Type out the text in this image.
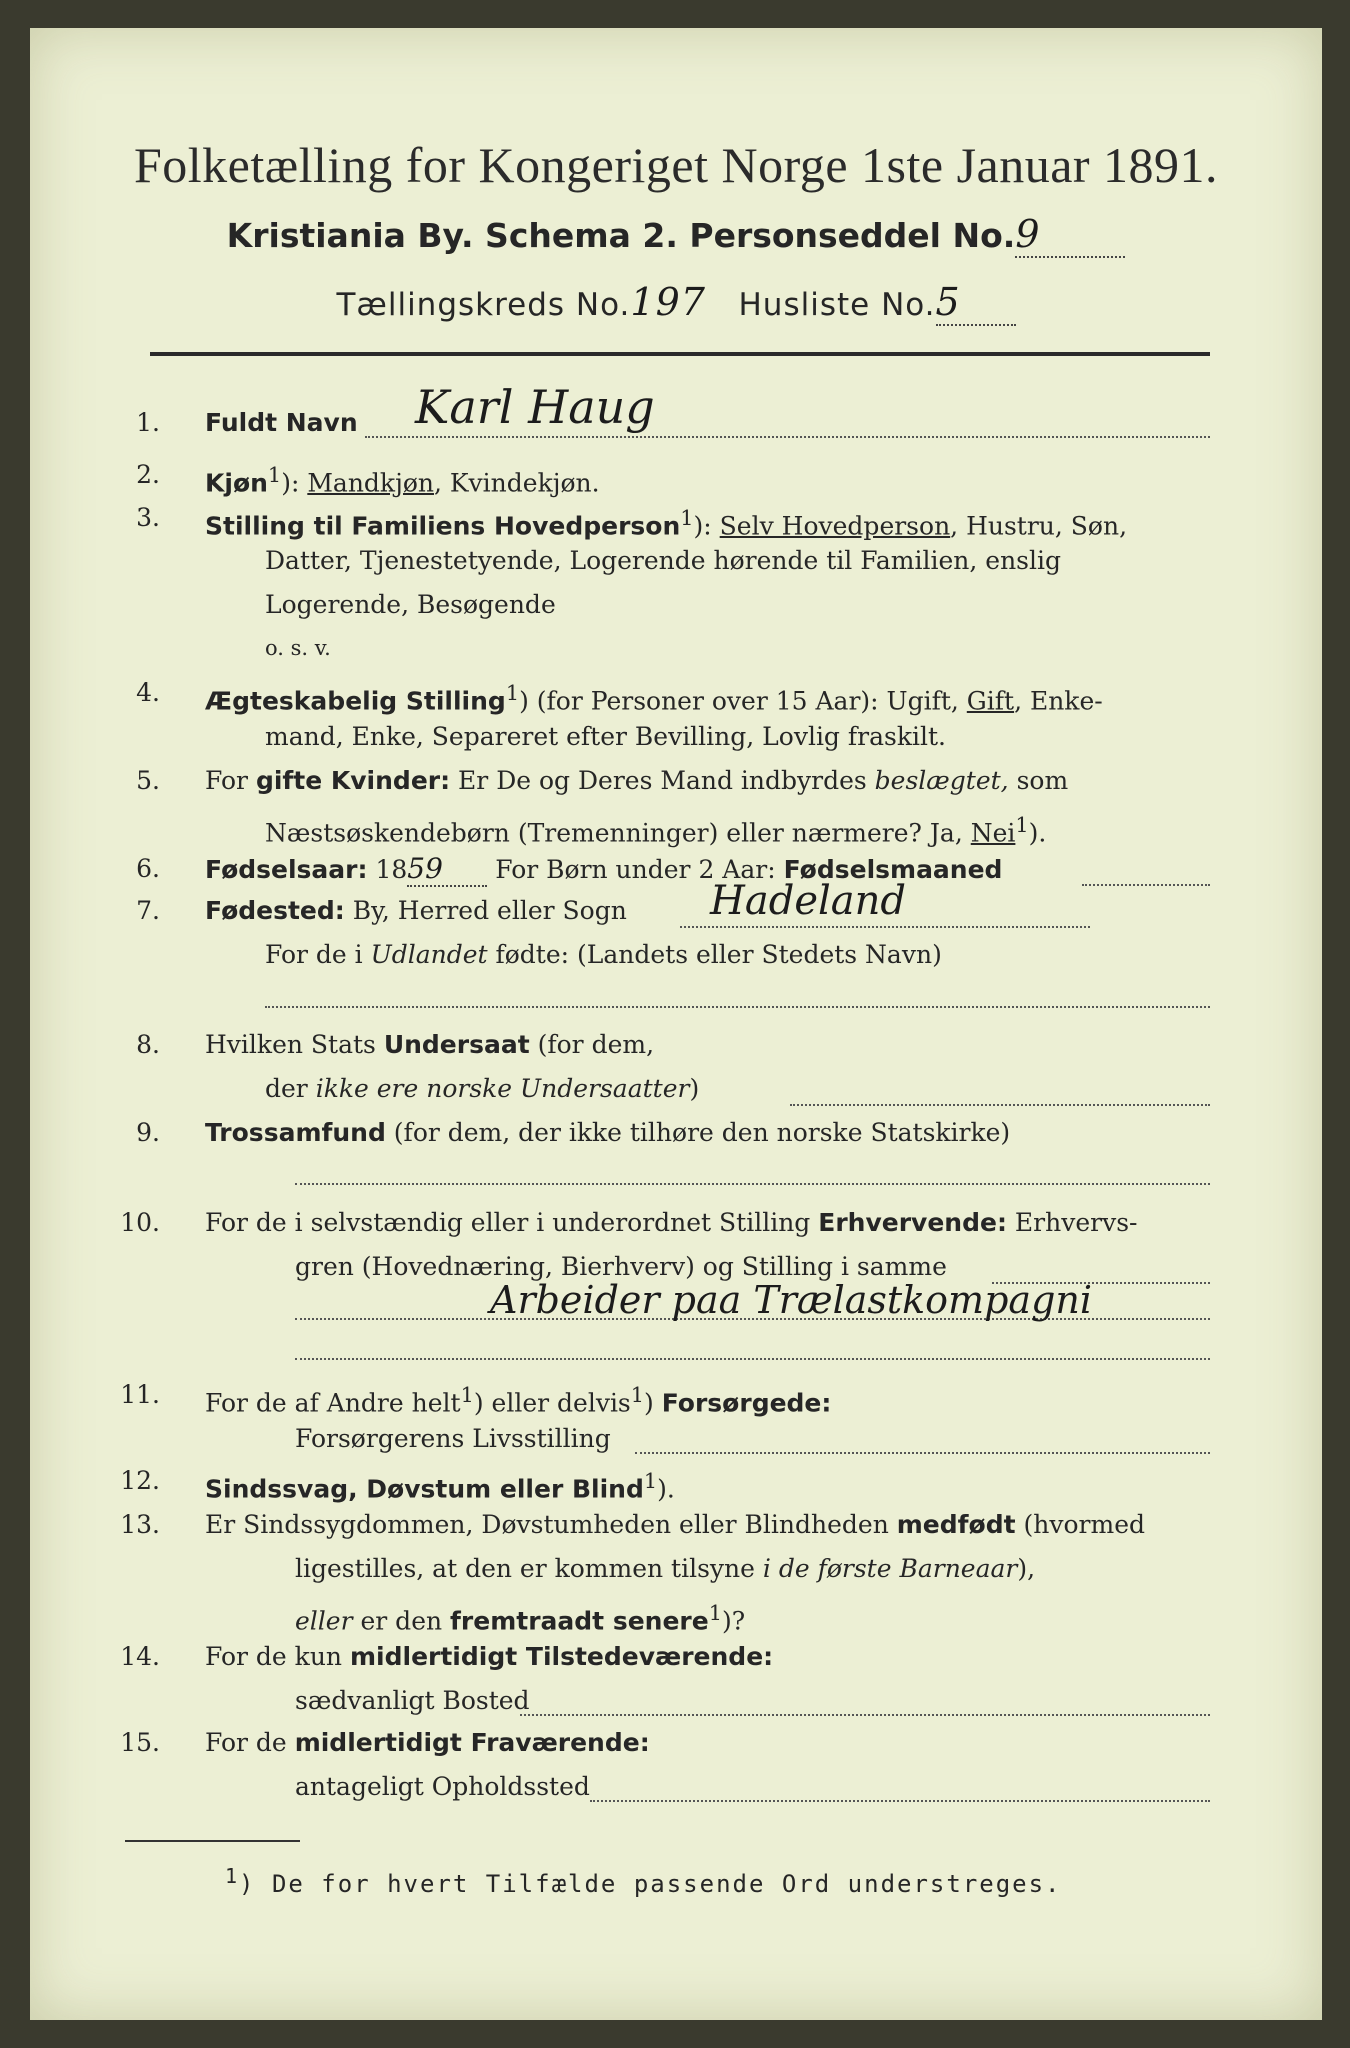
Folketælling for Kongeriget Norge 1ste Januar 1891.
Kristiania By. Schema 2. Personseddel No.9
Tællingskreds No.197 Husliste No.5
1. Fuldt Navn Karl Haug
2. Kjøn$^1$): Mandkjøn, Kvindekjøn.
3. Stilling til Familiens Hovedperson$^1$): Selv Hovedperson, Hustru, Søn,
Datter, Tjenestetyende, Logerende hørende til Familien, enslig
Logerende, Besøgende
o. s. v.
4. Ægteskabelig Stilling$^1$) (for Personer over 15 Aar): Ugift, Gift, Enke-
mand, Enke, Separeret efter Bevilling, Lovlig fraskilt.
5. For gifte Kvinder: Er De og Deres Mand indbyrdes beslægtet, som
Næstsøskendebørn (Tremenninger) eller nærmere? Ja, Nei$^1$).
6. Fødselsaar: 1859 For Børn under 2 Aar: Fødselsmaaned
7. Fødested: By, Herred eller Sogn Hadeland
For de i Udlandet fødte: (Landets eller Stedets Navn)
8. Hvilken Stats Undersaat (for dem,
der ikke ere norske Undersaatter)
9. Trossamfund (for dem, der ikke tilhøre den norske Statskirke)
10. For de i selvstændig eller i underordnet Stilling Erhvervende: Erhvervs-
gren (Hovednæring, Bierhverv) og Stilling i samme
Arbeider paa Trælastkompagni
11. For de af Andre helt$^1$) eller delvis$^1$) Forsørgede:
Forsørgerens Livsstilling
12. Sindssvag, Døvstum eller Blind$^1$).
13. Er Sindssygdommen, Døvstumheden eller Blindheden medfødt (hvormed
ligestilles, at den er kommen tilsyne i de første Barneaar),
eller er den fremtraadt senere$^1$)?
14. For de kun midlertidigt Tilstedeværende:
sædvanligt Bosted
15. For de midlertidigt Fraværende:
antageligt Opholdssted
$^1$) De for hvert Tilfælde passende Ord understreges.
